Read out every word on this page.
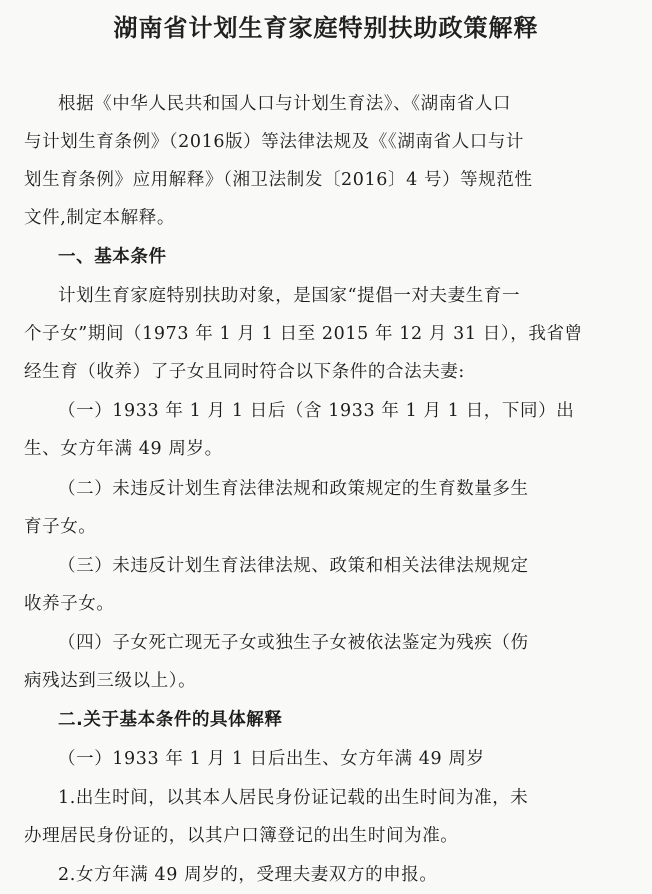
湖南省计划生育家庭特别扶助政策解释
根据《中华人民共和国人口与计划生育法》、《湖南省人口
与计划生育条例》（2016版）等法律法规及《《湖南省人口与计
划生育条例》应用解释》（湘卫法制发〔2016〕4 号）等规范性
文件,制定本解释。
一、基本条件
计划生育家庭特别扶助对象，是国家“提倡一对夫妻生育一
个子女”期间（1973 年 1 月 1 日至 2015 年 12 月 31 日），我省曾
经生育（收养）了子女且同时符合以下条件的合法夫妻:
（一）1933 年 1 月 1 日后（含 1933 年 1 月 1 日，下同）出
生、女方年满 49 周岁。
（二）未违反计划生育法律法规和政策规定的生育数量多生
育子女。
（三）未违反计划生育法律法规、政策和相关法律法规规定
收养子女。
（四）子女死亡现无子女或独生子女被依法鉴定为残疾（伤
病残达到三级以上）。
二.关于基本条件的具体解释
（一）1933 年 1 月 1 日后出生、女方年满 49 周岁
1.出生时间，以其本人居民身份证记载的出生时间为准，未
办理居民身份证的，以其户口簿登记的出生时间为准。
2.女方年满 49 周岁的，受理夫妻双方的申报。
